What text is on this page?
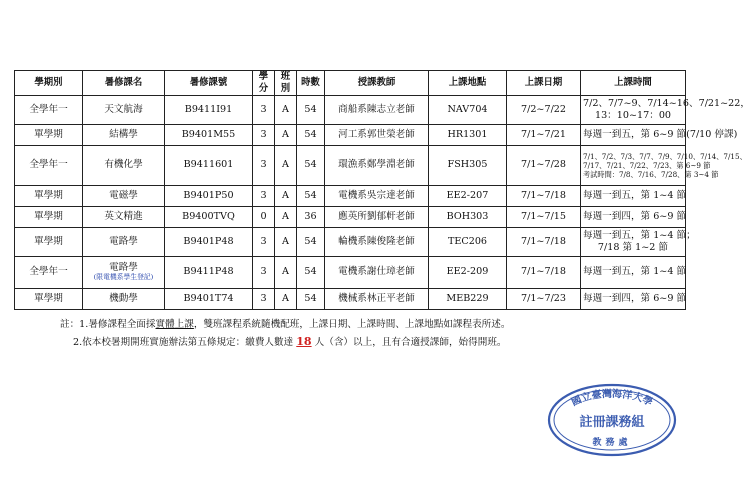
學期別	暑修課名	暑修課號	學分	班別	時數	授課教師	上課地點	上課日期	上課時間
全學年一	天文航海	B9411I91	3	A	54	商船系陳志立老師	NAV704	7/2~7/22	7/2、7/7~9、7/14~16、7/21~22，
13：10~17：00

單學期	結構學	B9401M55	3	A	54	河工系郭世榮老師	HR1301	7/1~7/21	每週一到五，第 6~9 節(7/10 停課)

全學年一	有機化學	B9411601	3	A	54	環漁系鄭學淵老師	FSH305	7/1~7/28	7/1、7/2、7/3、7/7、7/9、7/10、7/14、7/15、
7/17、7/21、7/22、7/23、第 6~9 節
考試時間：7/8、7/16、7/28、第 3~4 節

單學期	電磁學	B9401P50	3	A	54	電機系吳宗達老師	EE2-207	7/1~7/18	每週一到五，第 1~4 節

單學期	英文精進	B9400TVQ	0	A	36	應英所劉郁軒老師	BOH303	7/1~7/15	每週一到四，第 6~9 節

單學期	電路學	B9401P48	3	A	54	輪機系陳俊隆老師	TEC206	7/1~7/18	每週一到五，第 1~4 節；
7/18 第 1~2 節

全學年一	電路學
(限電機系學生登記)	B9411P48	3	A	54	電機系謝仕璋老師	EE2-209	7/1~7/18	每週一到五，第 1~4 節

單學期	機動學	B9401T74	3	A	54	機械系林正平老師	MEB229	7/1~7/23	每週一到四，第 6~9 節
註：1.暑修課程全面採實體上課，雙班課程系統隨機配班，上課日期、上課時間、上課地點如課程表所述。
2.依本校暑期開班實施辦法第五條規定：繳費人數達 18 人（含）以上，且有合適授課師，始得開班。
國立臺灣海洋大學
註冊課務組
教務處
